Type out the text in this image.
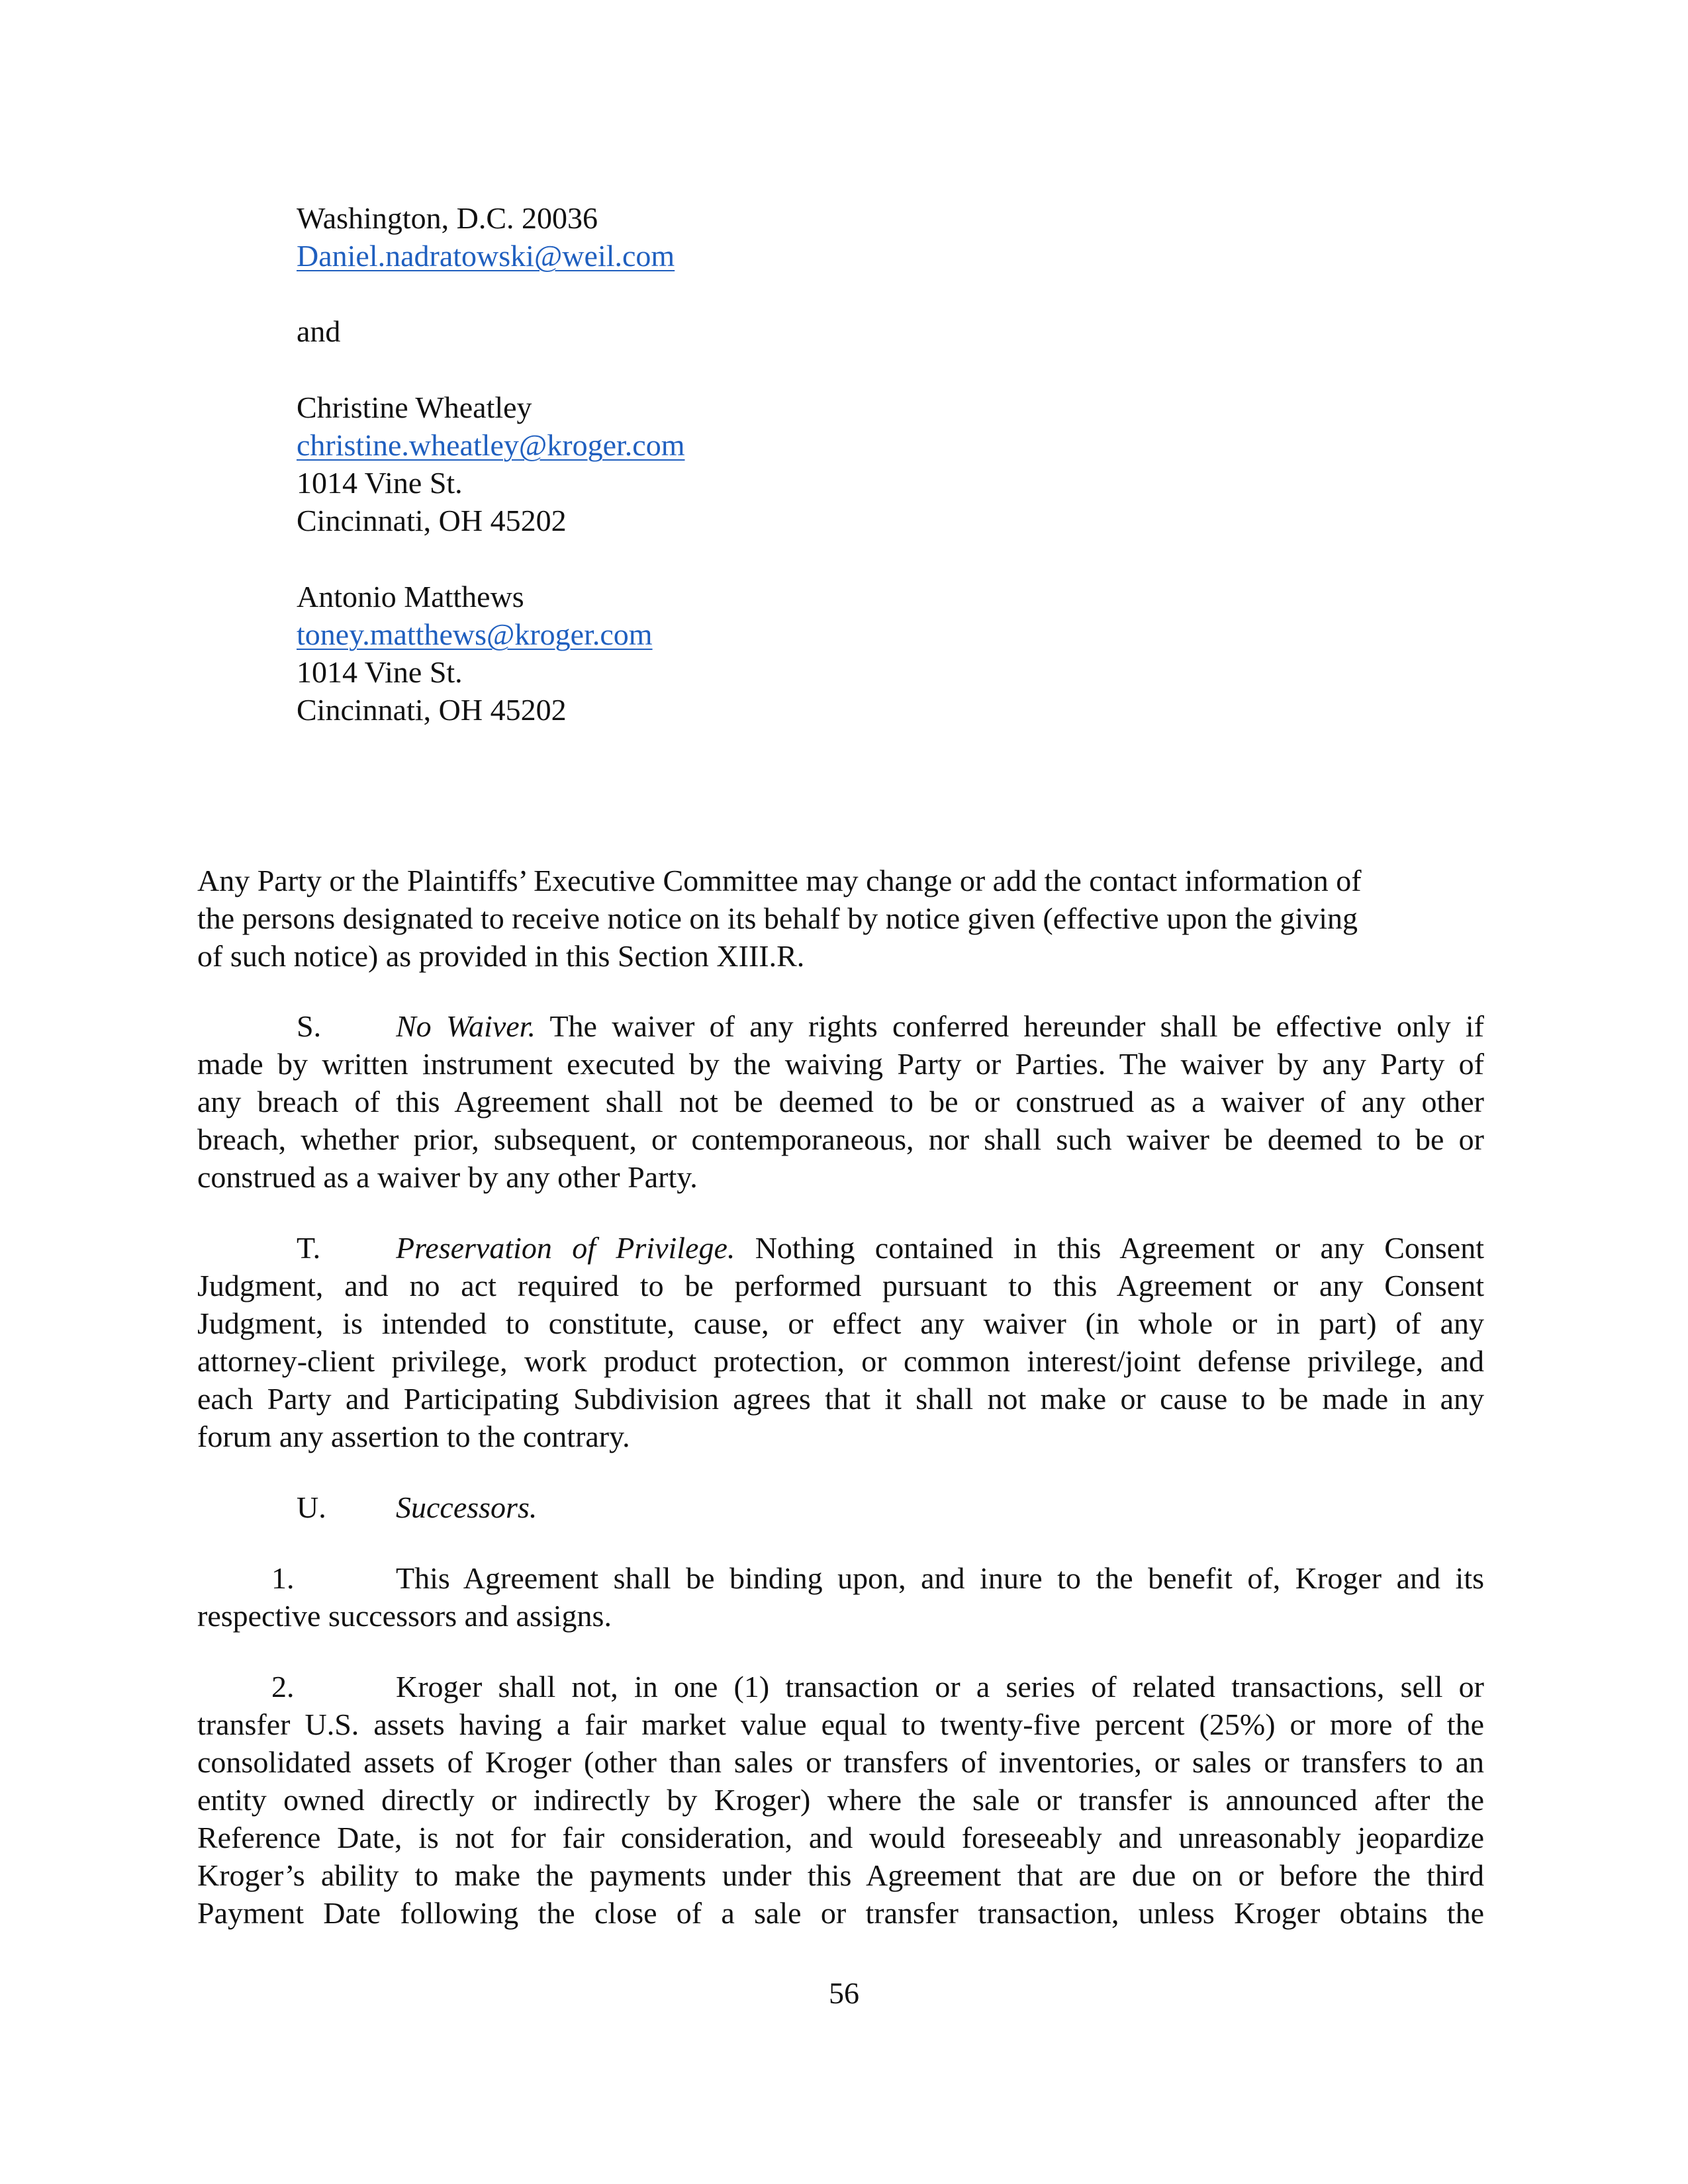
Washington, D.C. 20036
Daniel.nadratowski@weil.com
and
Christine Wheatley
christine.wheatley@kroger.com
1014 Vine St.
Cincinnati, OH 45202
Antonio Matthews
toney.matthews@kroger.com
1014 Vine St.
Cincinnati, OH 45202
Any Party or the Plaintiffs’ Executive Committee may change or add the contact information of
the persons designated to receive notice on its behalf by notice given (effective upon the giving
of such notice) as provided in this Section XIII.R.
S. No Waiver. The waiver of any rights conferred hereunder shall be effective only if
made by written instrument executed by the waiving Party or Parties. The waiver by any Party of
any breach of this Agreement shall not be deemed to be or construed as a waiver of any other
breach, whether prior, subsequent, or contemporaneous, nor shall such waiver be deemed to be or
construed as a waiver by any other Party.
T. Preservation of Privilege. Nothing contained in this Agreement or any Consent
Judgment, and no act required to be performed pursuant to this Agreement or any Consent
Judgment, is intended to constitute, cause, or effect any waiver (in whole or in part) of any
attorney-client privilege, work product protection, or common interest/joint defense privilege, and
each Party and Participating Subdivision agrees that it shall not make or cause to be made in any
forum any assertion to the contrary.
U. Successors.
1.	This Agreement shall be binding upon, and inure to the benefit of, Kroger and its
respective successors and assigns.
2.	Kroger shall not, in one (1) transaction or a series of related transactions, sell or
transfer U.S. assets having a fair market value equal to twenty-five percent (25%) or more of the
consolidated assets of Kroger (other than sales or transfers of inventories, or sales or transfers to an
entity owned directly or indirectly by Kroger) where the sale or transfer is announced after the
Reference Date, is not for fair consideration, and would foreseeably and unreasonably jeopardize
Kroger’s ability to make the payments under this Agreement that are due on or before the third
Payment Date following the close of a sale or transfer transaction, unless Kroger obtains the
56
